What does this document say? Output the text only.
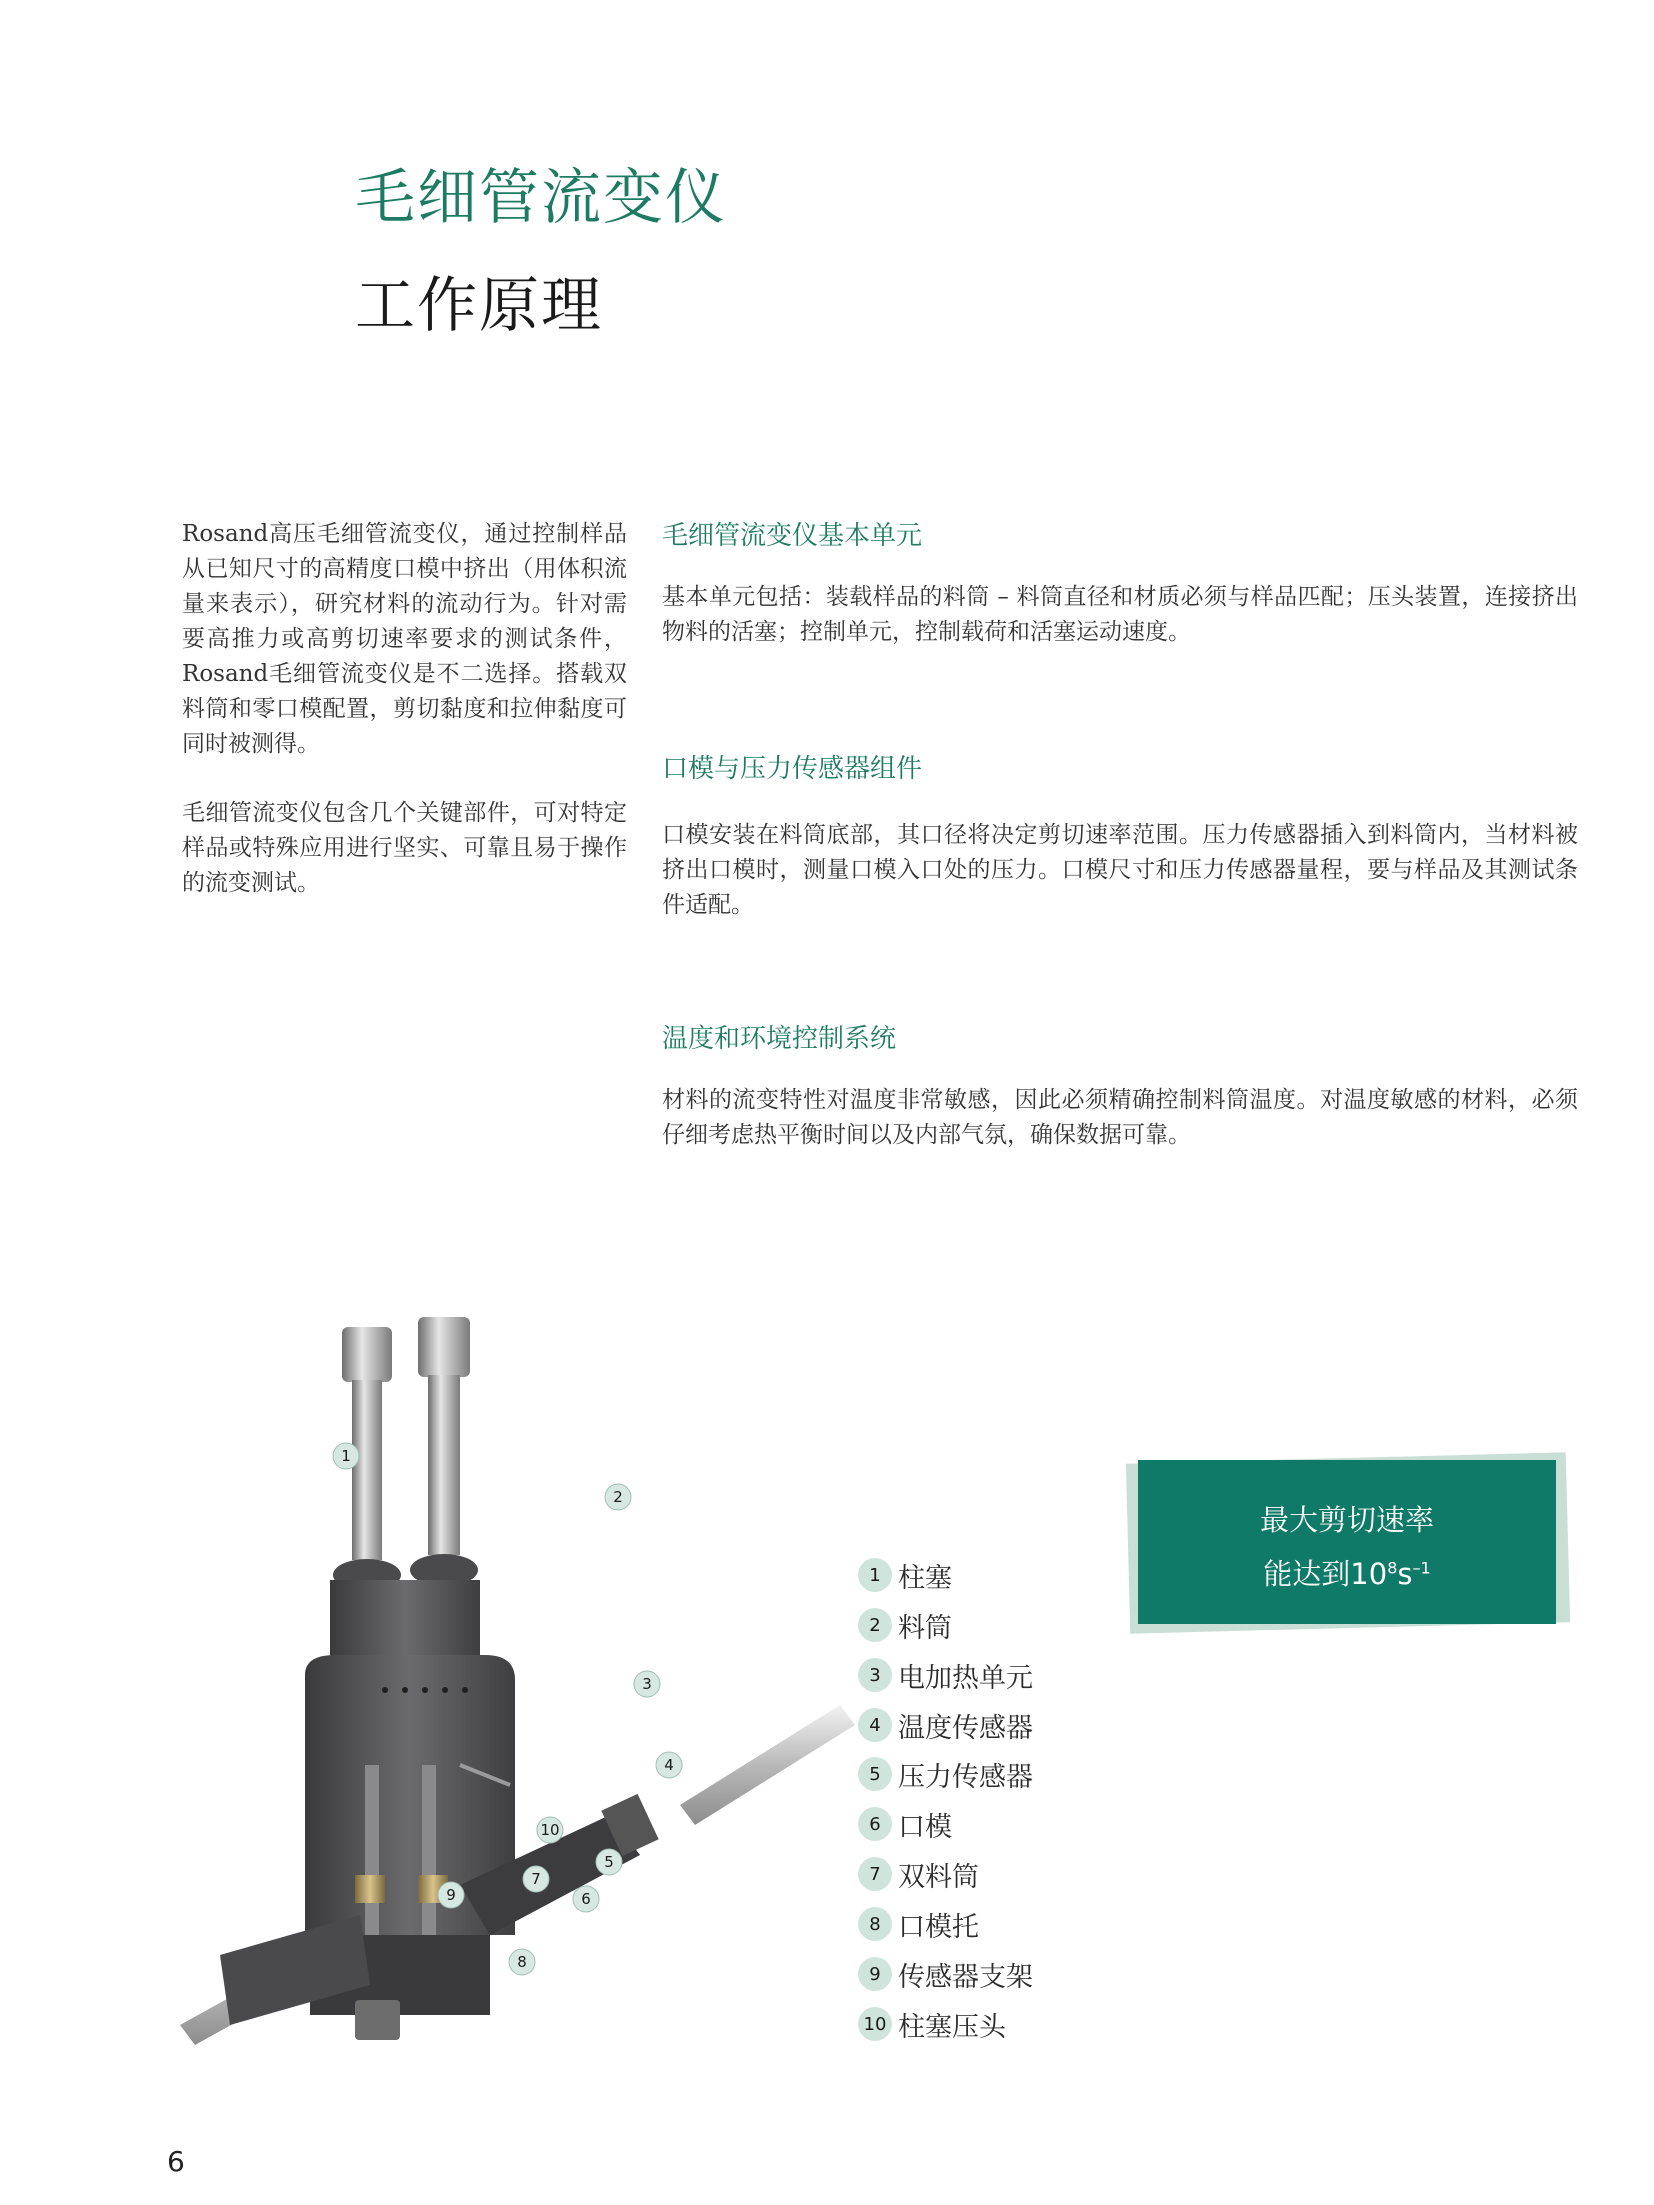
毛细管流变仪
工作原理

Rosand高压毛细管流变仪，通过控制样品从已知尺寸的高精度口模中挤出（用体积流量来表示），研究材料的流动行为。针对需要高推力或高剪切速率要求的测试条件，Rosand毛细管流变仪是不二选择。搭载双料筒和零口模配置，剪切黏度和拉伸黏度可同时被测得。

毛细管流变仪包含几个关键部件，可对特定样品或特殊应用进行坚实、可靠且易于操作的流变测试。

毛细管流变仪基本单元

基本单元包括：装载样品的料筒 – 料筒直径和材质必须与样品匹配；压头装置，连接挤出物料的活塞；控制单元，控制载荷和活塞运动速度。

口模与压力传感器组件

口模安装在料筒底部，其口径将决定剪切速率范围。压力传感器插入到料筒内，当材料被挤出口模时，测量口模入口处的压力。口模尺寸和压力传感器量程，要与样品及其测试条件适配。

温度和环境控制系统

材料的流变特性对温度非常敏感，因此必须精确控制料筒温度。对温度敏感的材料，必须仔细考虑热平衡时间以及内部气氛，确保数据可靠。

1
2
3
4
5
6
7
8
9
10
1 柱塞
2 料筒
3 电加热单元
4 温度传感器
5 压力传感器
6 口模
7 双料筒
8 口模托
9 传感器支架
10 柱塞压头
最大剪切速率
能达到$10^8s^{-1}$
6
